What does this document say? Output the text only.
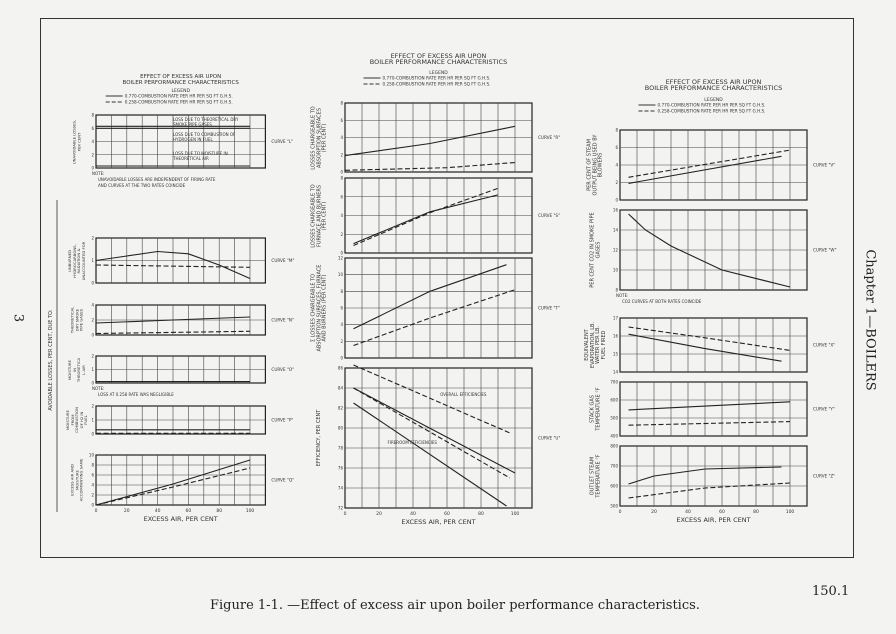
3	Chapter 1—BOILERS
150.1
Figure 1-1. —Effect of excess air upon boiler performance characteristics.
EFFECT OF EXCESS AIR UPON
BOILER PERFORMANCE CHARACTERISTICS
LEGEND
0.770-COMBUSTION RATE PER HR PER SQ FT G.H.S.
0.258-COMBUSTION RATE PER HR PER SQ FT G.H.S.
0	20	40	60	80	100
EXCESS AIR, PER CENT
EFFECT OF EXCESS AIR UPON
BOILER PERFORMANCE CHARACTERISTICS
LEGEND
0.770-COMBUSTION RATE PER HR PER SQ FT G.H.S.
0.258-COMBUSTION RATE PER HR PER SQ FT G.H.S.
0	20	40	60	80	100
EXCESS AIR, PER CENT
EFFECT OF EXCESS AIR UPON
BOILER PERFORMANCE CHARACTERISTICS
LEGEND
0.770-COMBUSTION RATE PER HR PER SQ FT G.H.S.
0.258-COMBUSTION RATE PER HR PER SQ FT G.H.S.
0	20	40	60	80	100
EXCESS AIR, PER CENT
AVOIDABLE LOSSES, PER CENT, DUE TO:
0
2
4
6
8
CURVE "L"
NOTE:
UNAVOIDABLE LOSSES ARE INDEPENDENT OF FIRING RATE
AND CURVES AT THE TWO RATES COINCIDE
0
1
2
CURVE "M"
0
2
4
CURVE "N"
0
1
2
CURVE "O"
NOTE:
LOSS AT 0.258 RATE WAS NEGLIGIBLE
0
1
2
CURVE "P"
0
2
4
6
8
10
CURVE "Q"
0
2
4
6
8
CURVE "R"
0
2
4
6
8
CURVE "S"
0
2
4
6
8
10
12
CURVE "T"
72
74
76
78
80
82
84
86
CURVE "U"
0
2
4
6
8
CURVE "V"
8
10
12
14
16
CURVE "W"
NOTE:
CO2 CURVES AT BOTH RATES COINCIDE
14
15
16
17
CURVE "X"
400
500
600
700
CURVE "Y"
500
600
700
800
CURVE "Z"
UNAVOIDABLE LOSSES, PER CENT
LOSS DUE TO THEORETICAL DRY SMOKE PIPE GASES
LOSS DUE TO COMBUSTION OF HYDROGEN IN FUEL
LOSS DUE TO MOISTURE IN THEORETICAL AIR
UNBURNED HYDROCARBONS, RADIATION & UNACCOUNTED FOR
THEORETICAL DRY SMOKE PIPE GASES
MOISTURE IN THEORETICAL AIR
MOISTURE FROM COMBUSTION OF H2 IN FUEL
EXCESS AIR AND MOISTURE ACCOMPANYING SAME
LOSSES CHARGEABLE TO ABSORPTION SURFACES (PER CENT)
LOSSES CHARGEABLE TO FURNACE AND BURNERS (PER CENT)
Σ LOSSES CHARGEABLE TO ABSORPTION SURFACES, FURNACE AND BURNERS (PER CENT)
EFFICIENCY, PER CENT
OVERALL EFFICIENCIES
FIREROOM EFFICIENCIES
PER CENT OF STEAM OUTPUT BEING USED BY BLOWERS
PER CENT CO2 IN SMOKE PIPE GASES
EQUIVALENT EVAPORATION, LB. WATER PER LB. FUEL FIRED
STACK GAS TEMPERATURE °F
OUTLET STEAM TEMPERATURE °F
